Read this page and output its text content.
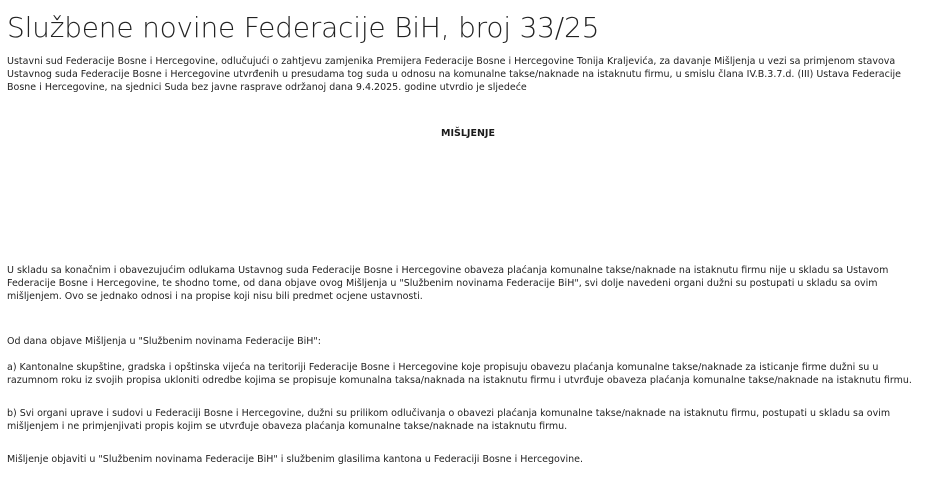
Službene novine Federacije BiH, broj 33/25

Ustavni sud Federacije Bosne i Hercegovine, odlučujući o zahtjevu zamjenika Premijera Federacije Bosne i Hercegovine Tonija Kraljevića, za davanje Mišljenja u vezi sa primjenom stavova Ustavnog suda Federacije Bosne i Hercegovine utvrđenih u presudama tog suda u odnosu na komunalne takse/naknade na istaknutu firmu, u smislu člana IV.B.3.7.d. (III) Ustava Federacije Bosne i Hercegovine, na sjednici Suda bez javne rasprave održanoj dana 9.4.2025. godine utvrdio je sljedeće

MIŠLJENJE

U skladu sa konačnim i obavezujućim odlukama Ustavnog suda Federacije Bosne i Hercegovine obaveza plaćanja komunalne takse/naknade na istaknutu firmu nije u skladu sa Ustavom Federacije Bosne i Hercegovine, te shodno tome, od dana objave ovog Mišljenja u "Službenim novinama Federacije BiH", svi dolje navedeni organi dužni su postupati u skladu sa ovim mišljenjem. Ovo se jednako odnosi i na propise koji nisu bili predmet ocjene ustavnosti.

Od dana objave Mišljenja u "Službenim novinama Federacije BiH":

a) Kantonalne skupštine, gradska i opštinska vijeća na teritoriji Federacije Bosne i Hercegovine koje propisuju obavezu plaćanja komunalne takse/naknade za isticanje firme dužni su u razumnom roku iz svojih propisa ukloniti odredbe kojima se propisuje komunalna taksa/naknada na istaknutu firmu i utvrđuje obaveza plaćanja komunalne takse/naknade na istaknutu firmu.

b) Svi organi uprave i sudovi u Federaciji Bosne i Hercegovine, dužni su prilikom odlučivanja o obavezi plaćanja komunalne takse/naknade na istaknutu firmu, postupati u skladu sa ovim mišljenjem i ne primjenjivati propis kojim se utvrđuje obaveza plaćanja komunalne takse/naknade na istaknutu firmu.

Mišljenje objaviti u "Službenim novinama Federacije BiH" i službenim glasilima kantona u Federaciji Bosne i Hercegovine.
